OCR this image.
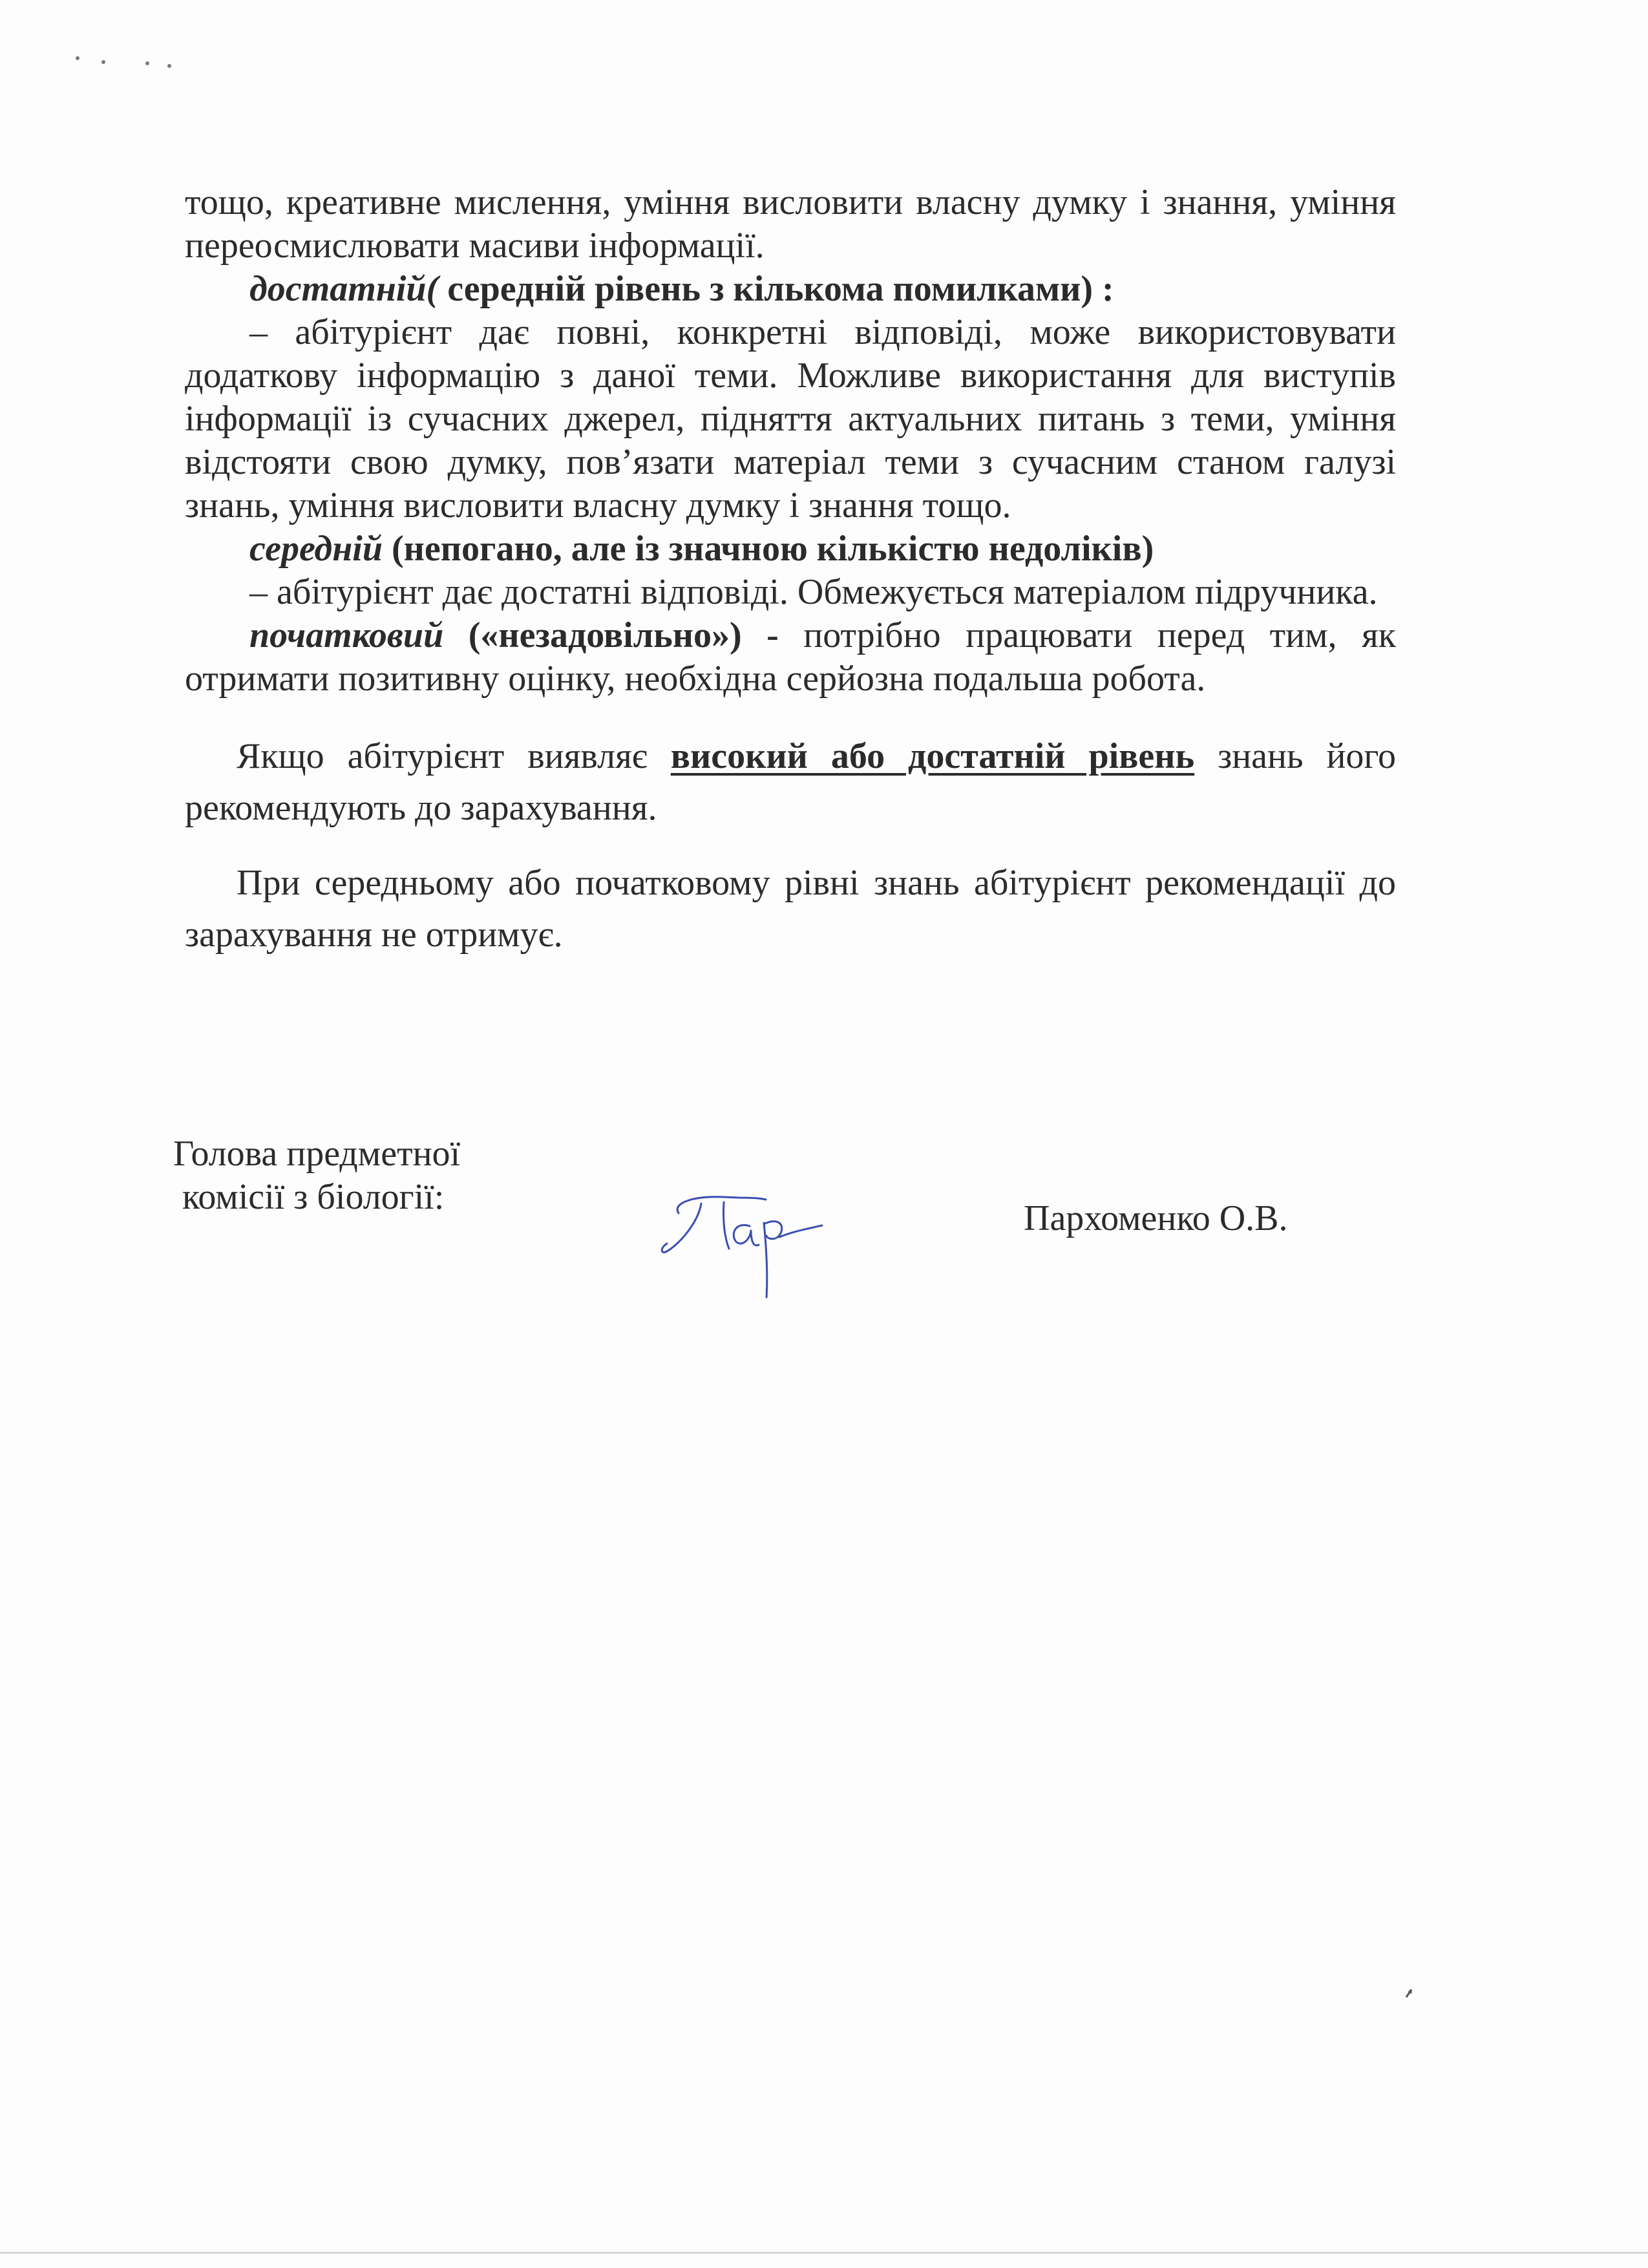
тощо, креативне мислення, уміння висловити власну думку і знання, уміння переосмислювати масиви інформації.

достатній( середній рівень з кількома помилками) :

– абітурієнт дає повні, конкретні відповіді, може використовувати додаткову інформацію з даної теми. Можливе використання для виступів інформації із сучасних джерел, підняття актуальних питань з теми, уміння відстояти свою думку, пов’язати матеріал теми з сучасним станом галузі знань, уміння висловити власну думку і знання тощо.

середній (непогано, але із значною кількістю недоліків)

– абітурієнт дає достатні відповіді. Обмежується матеріалом підручника.

початковий («незадовільно») - потрібно працювати перед тим, як отримати позитивну оцінку, необхідна серйозна подальша робота.

Якщо абітурієнт виявляє високий або достатній рівень знань його рекомендують до зарахування.

При середньому або початковому рівні знань абітурієнт рекомендації до зарахування не отримує.

Голова предметної
комісії з біології:
Пархоменко О.В.
